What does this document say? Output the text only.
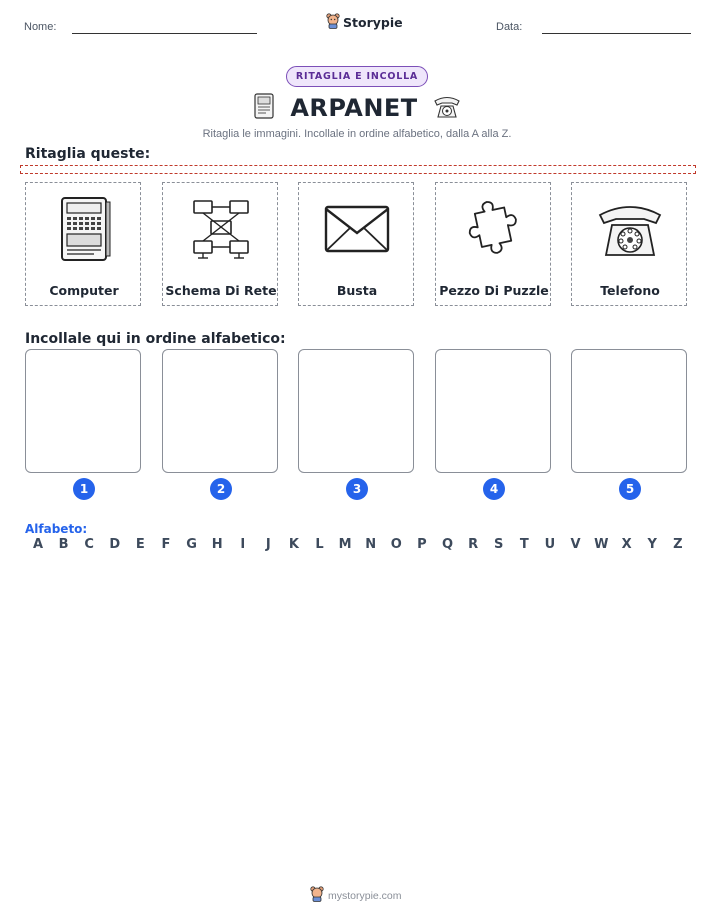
Nome:	Storypie	Data:
RITAGLIA E INCOLLA
ARPANET
Ritaglia le immagini. Incollale in ordine alfabetico, dalla A alla Z.
Ritaglia queste:
Computer	Schema Di Rete	Busta	Pezzo Di Puzzle	Telefono
Incollale qui in ordine alfabetico:
1	2	3	4	5
Alfabeto:
A B C D E F G H	I	J	K L M N O P Q R S T U V W X Y Z
mystorypie.com
